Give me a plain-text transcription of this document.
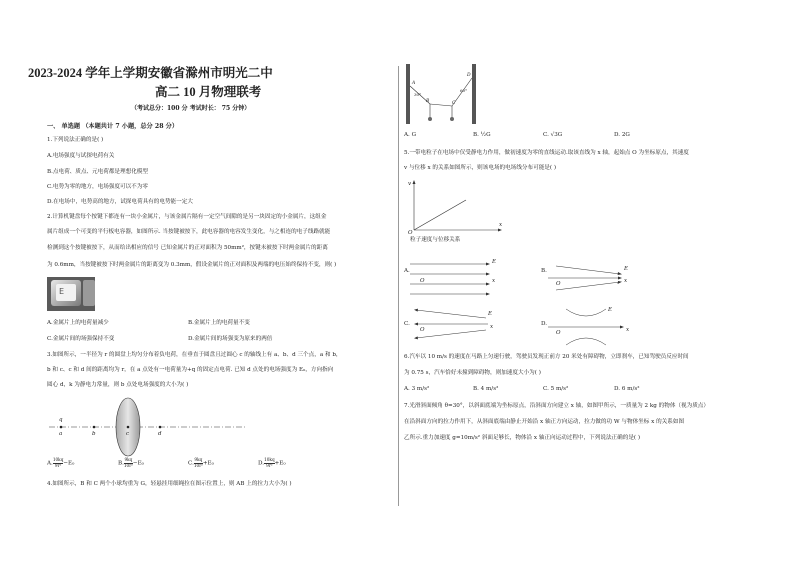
2023-2024 学年上学期安徽省滁州市明光二中
高二 10 月物理联考
（考试总分：100 分 考试时长： 75 分钟）
一、 单选题 （本题共计 7 小题，总分 28 分）
1.下列说法正确的是( )
A.电场强度与试探电荷有关
B.点电荷、质点、元电荷都是理想化模型
C.电势为零的地方，电场强度可以不为零
D.在电场中，电势高的地方，试探电荷具有的电势能一定大
2.计算机键盘每个按键下都连有一块小金属片，与该金属片隔有一定空气间隙的是另一块固定的小金属片，这组金
属片组成一个可变的平行板电容器，如图所示. 当按键被按下，此电容器的电容发生变化，与之相连的电子线路就能
检测到这个按键被按下，从而给出相应的信号 已知金属片的正对面积为 50mm²，按键未被按下时两金属片的距离
为 0.6mm，当按键被按下时两金属片的距离变为 0.3mm，假设金属片的正对面积及两端的电压始终保持不变，则( )
E
A.金属片上的电荷量减少	B.金属片上的电荷量不变
C.金属片间的场强保持不变	D.金属片间的场强变为原来的两倍
3.如图所示，一半径为 r 的圆盘上均匀分布着负电荷，在垂直于圆盘且过圆心 c 的轴线上有 a、b、d 三个点，a 和 b，
b 和 c、c 和 d 间的距离均为 r，在 a 点处有一电荷量为+q 的固定点电荷. 已知 d 点处的电场强度为 E₀，方向指向
圆心 d，k 为静电力常量，则 b 点处电场强度的大小为( )
q
a	b	c	d
A. $\frac{10kq}{\text{9r²}} -E_0$	B. $\frac{9kq}{\text{10r²}} -E_0$	C. $\frac{9kq}{\text{10r²}} +E_0$	D. $\frac{10kq}{\text{9r²}} +E_0$
4.如图所示，B 和 C 两个小球均重为 G，轻悬挂用细绳拉在图示位置上，则 AB 上的拉力大小为( )
A
B	C
D
30°
60°
A. G	B. ½G	C. √3G	D. 2G
5.一带电粒子在电场中仅受静电力作用，做初速度为零的直线运动.取该直线为 x 轴，起始点 O 为坐标原点，其速度
v 与位移 x 的关系如图所示，则该电场的电场线分布可能是( )
v
x
O
粒子速度与位移关系
A.
E
O	x
B.	E
O	x
C.
E
O	x	D.
E
O	x
6.汽车以 10 m/s 的速度在马路上匀速行驶，驾驶员发现正前方 20 米处有障碍物，立即刹车，已知驾驶员反应时间
为 0.75 s，汽车恰好未撞到障碍物，则加速度大小为( )
A. 3 m/s²	B. 4 m/s²	C. 5 m/s²	D. 6 m/s²
7.光滑斜面倾角 θ=30°，以斜面底端为坐标原点，沿斜面方向建立 x 轴，如图甲所示，一质量为 2 kg 的物体（视为质点）
在沿斜面方向的拉力作用下，从斜面底端由静止开始沿 x 轴正方向运动，拉力做的功 W 与物体坐标 x 的关系如图
乙所示.重力加速度 g=10m/s² 斜面足够长，物体沿 x 轴正向运动过程中，下列说法正确的是( )
